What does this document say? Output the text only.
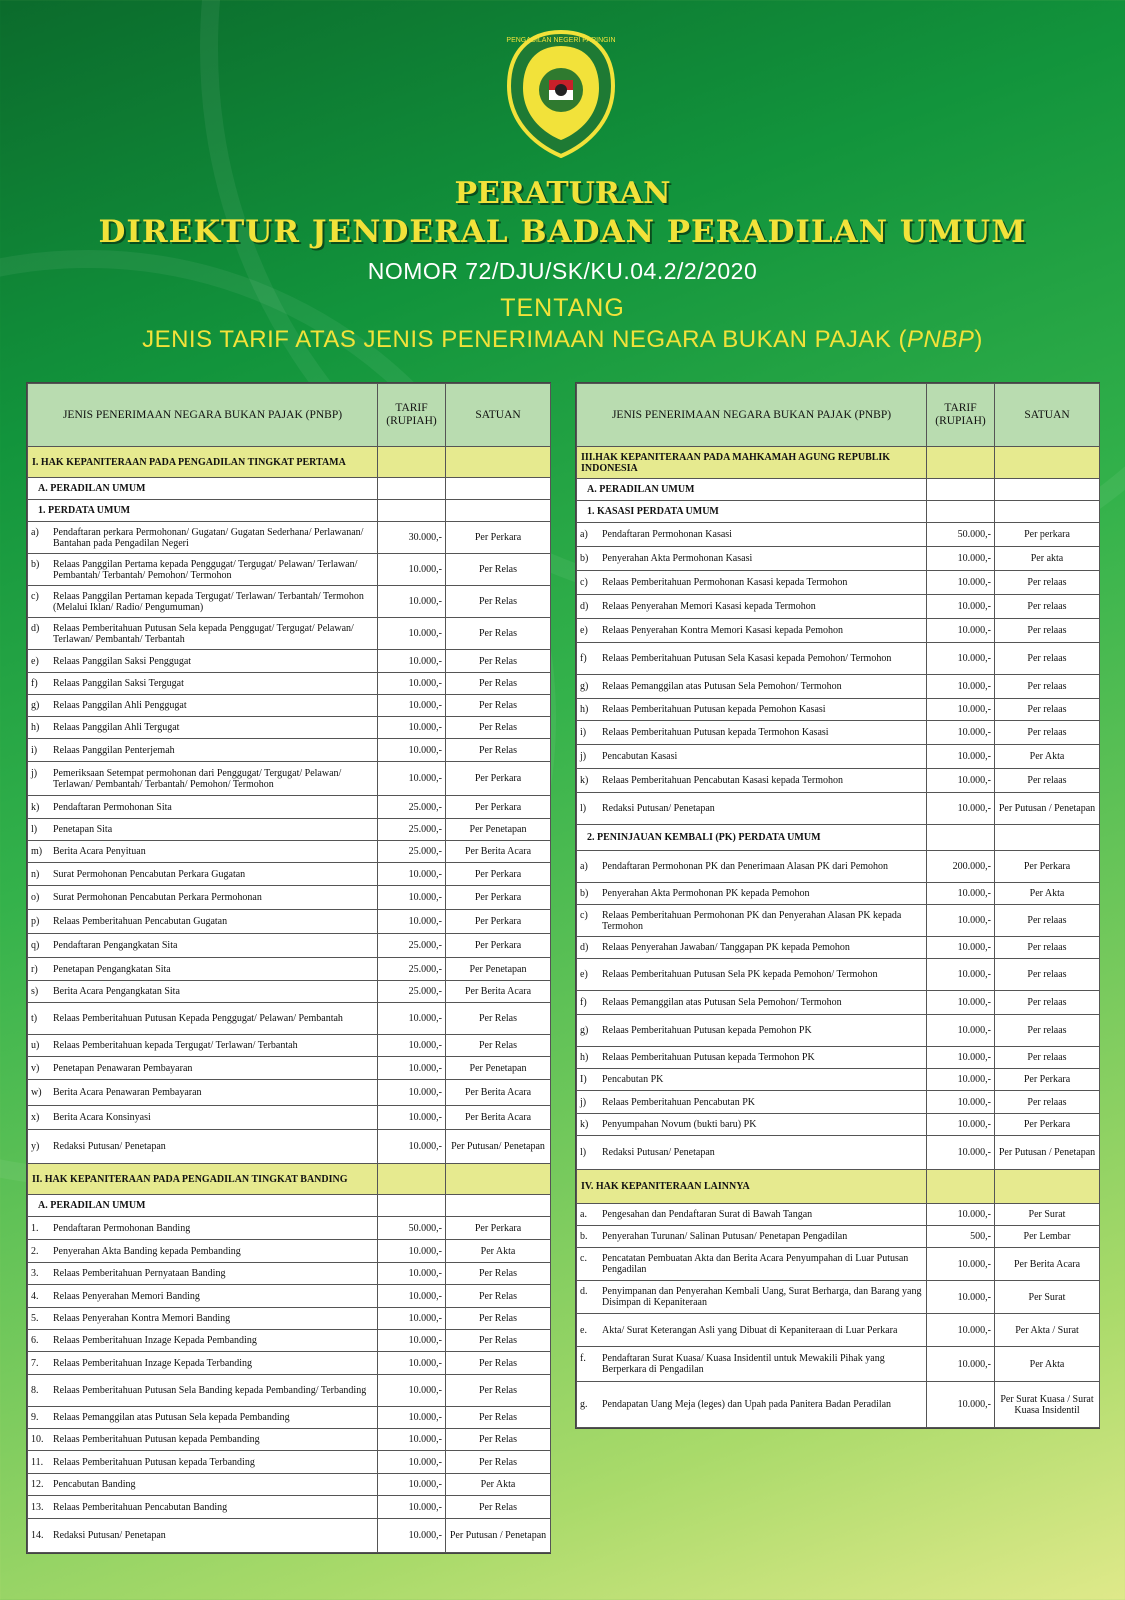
PENGADILAN NEGERI PARINGIN
PERATURAN
DIREKTUR JENDERAL BADAN PERADILAN UMUM
NOMOR 72/DJU/SK/KU.04.2/2/2020
TENTANG
JENIS TARIF ATAS JENIS PENERIMAAN NEGARA BUKAN PAJAK (PNBP)
JENIS PENERIMAAN NEGARA BUKAN PAJAK (PNBP)	TARIF (RUPIAH)	SATUAN
I. HAK KEPANITERAAN PADA PENGADILAN TINGKAT PERTAMA		
A. PERADILAN UMUM		
1. PERDATA UMUM		

a) Pendaftaran perkara Permohonan/ Gugatan/ Gugatan Sederhana/ Perlawanan/ Bantahan pada Pengadilan Negeri	30.000,-	Per Perkara

b) Relaas Panggilan Pertama kepada Penggugat/ Tergugat/ Pelawan/ Terlawan/ Pembantah/ Terbantah/ Pemohon/ Termohon	10.000,-	Per Relas

c) Relaas Panggilan Pertaman kepada Tergugat/ Terlawan/ Terbantah/ Termohon (Melalui Iklan/ Radio/ Pengumuman)	10.000,-	Per Relas

d) Relaas Pemberitahuan Putusan Sela kepada Penggugat/ Tergugat/ Pelawan/ Terlawan/ Pembantah/ Terbantah	10.000,-	Per Relas

e) Relaas Panggilan Saksi Penggugat	10.000,-	Per Relas

f) Relaas Panggilan Saksi Tergugat	10.000,-	Per Relas

g) Relaas Panggilan Ahli Penggugat	10.000,-	Per Relas

h) Relaas Panggilan Ahli Tergugat	10.000,-	Per Relas

i) Relaas Panggilan Penterjemah	10.000,-	Per Relas

j) Pemeriksaan Setempat permohonan dari Penggugat/ Tergugat/ Pelawan/ Terlawan/ Pembantah/ Terbantah/ Pemohon/ Termohon	10.000,-	Per Perkara

k) Pendaftaran Permohonan Sita	25.000,-	Per Perkara

l) Penetapan Sita	25.000,-	Per Penetapan

m) Berita Acara Penyituan	25.000,-	Per Berita Acara

n) Surat Permohonan Pencabutan Perkara Gugatan	10.000,-	Per Perkara

o) Surat Permohonan Pencabutan Perkara Permohonan	10.000,-	Per Perkara

p) Relaas Pemberitahuan Pencabutan Gugatan	10.000,-	Per Perkara

q) Pendaftaran Pengangkatan Sita	25.000,-	Per Perkara

r) Penetapan Pengangkatan Sita	25.000,-	Per Penetapan

s) Berita Acara Pengangkatan Sita	25.000,-	Per Berita Acara

t) Relaas Pemberitahuan Putusan Kepada Penggugat/ Pelawan/ Pembantah	10.000,-	Per Relas

u) Relaas Pemberitahuan kepada Tergugat/ Terlawan/ Terbantah	10.000,-	Per Relas

v) Penetapan Penawaran Pembayaran	10.000,-	Per Penetapan

w) Berita Acara Penawaran Pembayaran	10.000,-	Per Berita Acara

x) Berita Acara Konsinyasi	10.000,-	Per Berita Acara

y) Redaksi Putusan/ Penetapan	10.000,-	Per Putusan/ Penetapan
II. HAK KEPANITERAAN PADA PENGADILAN TINGKAT BANDING		
A. PERADILAN UMUM		

1. Pendaftaran Permohonan Banding	50.000,-	Per Perkara

2. Penyerahan Akta Banding kepada Pembanding	10.000,-	Per Akta

3. Relaas Pemberitahuan Pernyataan Banding	10.000,-	Per Relas

4. Relaas Penyerahan Memori Banding	10.000,-	Per Relas

5. Relaas Penyerahan Kontra Memori Banding	10.000,-	Per Relas

6. Relaas Pemberitahuan Inzage Kepada Pembanding	10.000,-	Per Relas

7. Relaas Pemberitahuan Inzage Kepada Terbanding	10.000,-	Per Relas

8. Relaas Pemberitahuan Putusan Sela Banding kepada Pembanding/ Terbanding	10.000,-	Per Relas

9. Relaas Pemanggilan atas Putusan Sela kepada Pembanding	10.000,-	Per Relas

10. Relaas Pemberitahuan Putusan kepada Pembanding	10.000,-	Per Relas

11. Relaas Pemberitahuan Putusan kepada Terbanding	10.000,-	Per Relas

12. Pencabutan Banding	10.000,-	Per Akta

13. Relaas Pemberitahuan Pencabutan Banding	10.000,-	Per Relas

14. Redaksi Putusan/ Penetapan	10.000,-	Per Putusan / Penetapan
JENIS PENERIMAAN NEGARA BUKAN PAJAK (PNBP)	TARIF (RUPIAH)	SATUAN
III.HAK KEPANITERAAN PADA MAHKAMAH AGUNG REPUBLIK INDONESIA		
A. PERADILAN UMUM		
1. KASASI PERDATA UMUM		

a) Pendaftaran Permohonan Kasasi	50.000,-	Per perkara

b) Penyerahan Akta Permohonan Kasasi	10.000,-	Per akta

c) Relaas Pemberitahuan Permohonan Kasasi kepada Termohon	10.000,-	Per relaas

d) Relaas Penyerahan Memori Kasasi kepada Termohon	10.000,-	Per relaas

e) Relaas Penyerahan Kontra Memori Kasasi kepada Pemohon	10.000,-	Per relaas

f) Relaas Pemberitahuan Putusan Sela Kasasi kepada Pemohon/ Termohon	10.000,-	Per relaas

g) Relaas Pemanggilan atas Putusan Sela Pemohon/ Termohon	10.000,-	Per relaas

h) Relaas Pemberitahuan Putusan kepada Pemohon Kasasi	10.000,-	Per relaas

i) Relaas Pemberitahuan Putusan kepada Termohon Kasasi	10.000,-	Per relaas

j) Pencabutan Kasasi	10.000,-	Per Akta

k) Relaas Pemberitahuan Pencabutan Kasasi kepada Termohon	10.000,-	Per relaas

l) Redaksi Putusan/ Penetapan	10.000,-	Per Putusan / Penetapan
2. PENINJAUAN KEMBALI (PK) PERDATA UMUM		

a) Pendaftaran Permohonan PK dan Penerimaan Alasan PK dari Pemohon	200.000,-	Per Perkara

b) Penyerahan Akta Permohonan PK kepada Pemohon	10.000,-	Per Akta

c) Relaas Pemberitahuan Permohonan PK dan Penyerahan Alasan PK kepada Termohon	10.000,-	Per relaas

d) Relaas Penyerahan Jawaban/ Tanggapan PK kepada Pemohon	10.000,-	Per relaas

e) Relaas Pemberitahuan Putusan Sela PK kepada Pemohon/ Termohon	10.000,-	Per relaas

f) Relaas Pemanggilan atas Putusan Sela Pemohon/ Termohon	10.000,-	Per relaas

g) Relaas Pemberitahuan Putusan kepada Pemohon PK	10.000,-	Per relaas

h) Relaas Pemberitahuan Putusan kepada Termohon PK	10.000,-	Per relaas

I) Pencabutan PK	10.000,-	Per Perkara

j) Relaas Pemberitahuan Pencabutan PK	10.000,-	Per relaas

k) Penyumpahan Novum (bukti baru) PK	10.000,-	Per Perkara

l) Redaksi Putusan/ Penetapan	10.000,-	Per Putusan / Penetapan
IV. HAK KEPANITERAAN LAINNYA		

a. Pengesahan dan Pendaftaran Surat di Bawah Tangan	10.000,-	Per Surat

b. Penyerahan Turunan/ Salinan Putusan/ Penetapan Pengadilan	500,-	Per Lembar

c. Pencatatan Pembuatan Akta dan Berita Acara Penyumpahan di Luar Putusan Pengadilan	10.000,-	Per Berita Acara

d. Penyimpanan dan Penyerahan Kembali Uang, Surat Berharga, dan Barang yang Disimpan di Kepaniteraan	10.000,-	Per Surat

e. Akta/ Surat Keterangan Asli yang Dibuat di Kepaniteraan di Luar Perkara	10.000,-	Per Akta / Surat

f. Pendaftaran Surat Kuasa/ Kuasa Insidentil untuk Mewakili Pihak yang Berperkara di Pengadilan	10.000,-	Per Akta

g. Pendapatan Uang Meja (leges) dan Upah pada Panitera Badan Peradilan	10.000,-	Per Surat Kuasa / Surat Kuasa Insidentil
